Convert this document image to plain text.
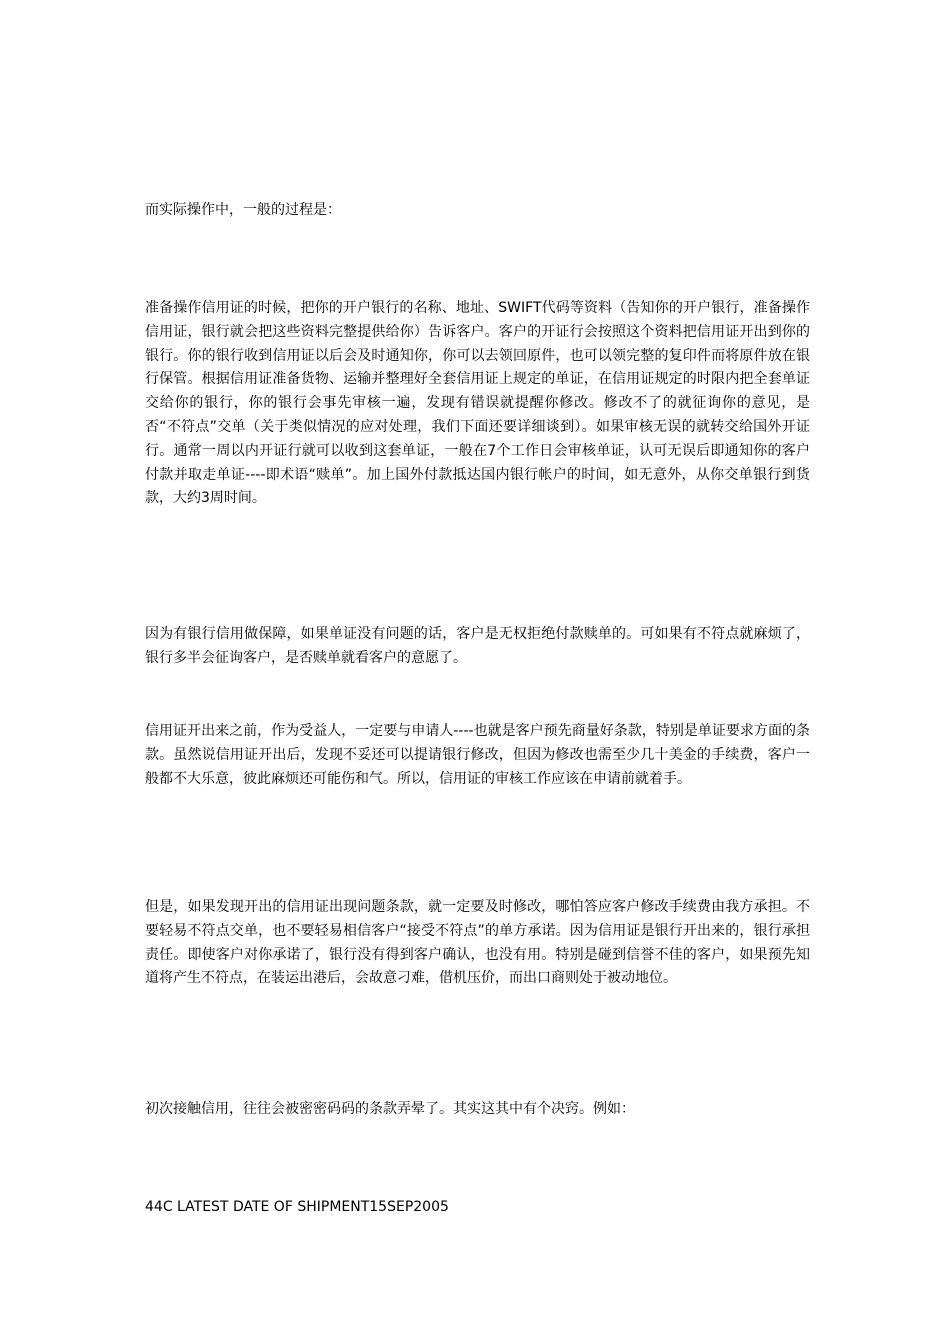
而实际操作中，一般的过程是：

准备操作信用证的时候，把你的开户银行的名称、地址、SWIFT代码等资料（告知你的开户银行，准备操作信用证，银行就会把这些资料完整提供给你）告诉客户。客户的开证行会按照这个资料把信用证开出到你的银行。你的银行收到信用证以后会及时通知你，你可以去领回原件，也可以领完整的复印件而将原件放在银行保管。根据信用证准备货物、运输并整理好全套信用证上规定的单证，在信用证规定的时限内把全套单证交给你的银行，你的银行会事先审核一遍，发现有错误就提醒你修改。修改不了的就征询你的意见，是否“不符点”交单（关于类似情况的应对处理，我们下面还要详细谈到）。如果审核无误的就转交给国外开证行。通常一周以内开证行就可以收到这套单证，一般在7个工作日会审核单证，认可无误后即通知你的客户付款并取走单证----即术语“赎单”。加上国外付款抵达国内银行帐户的时间，如无意外，从你交单银行到货款，大约3周时间。

因为有银行信用做保障，如果单证没有问题的话，客户是无权拒绝付款赎单的。可如果有不符点就麻烦了，银行多半会征询客户，是否赎单就看客户的意愿了。

信用证开出来之前，作为受益人，一定要与申请人----也就是客户预先商量好条款，特别是单证要求方面的条款。虽然说信用证开出后，发现不妥还可以提请银行修改，但因为修改也需至少几十美金的手续费，客户一般都不大乐意，彼此麻烦还可能伤和气。所以，信用证的审核工作应该在申请前就着手。

但是，如果发现开出的信用证出现问题条款，就一定要及时修改，哪怕答应客户修改手续费由我方承担。不要轻易不符点交单，也不要轻易相信客户“接受不符点”的单方承诺。因为信用证是银行开出来的，银行承担责任。即使客户对你承诺了，银行没有得到客户确认，也没有用。特别是碰到信誉不佳的客户，如果预先知道将产生不符点，在装运出港后，会故意刁难，借机压价，而出口商则处于被动地位。

初次接触信用，往往会被密密码码的条款弄晕了。其实这其中有个决窍。例如：

44C LATEST DATE OF SHIPMENT15SEP2005
